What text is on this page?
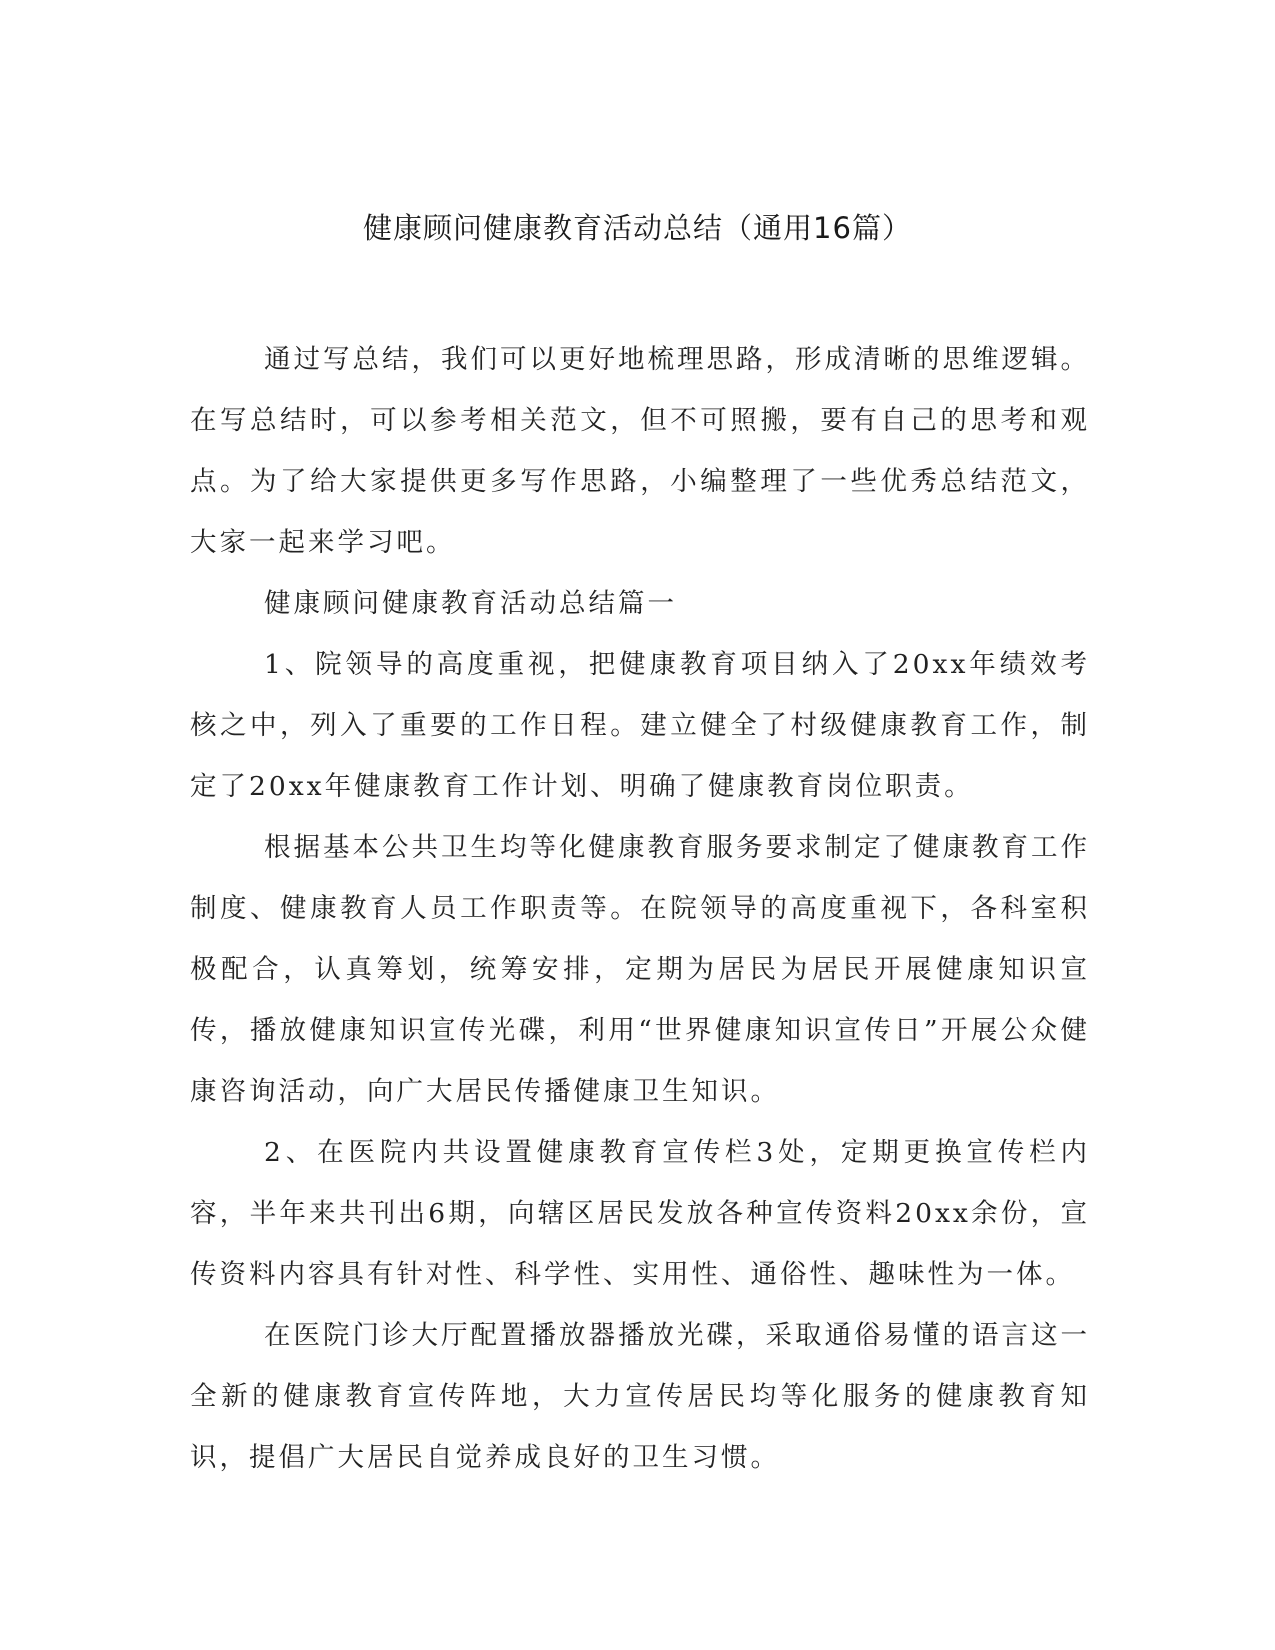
健康顾问健康教育活动总结（通用16篇）

通过写总结，我们可以更好地梳理思路，形成清晰的思维逻辑。在写总结时，可以参考相关范文，但不可照搬，要有自己的思考和观点。为了给大家提供更多写作思路，小编整理了一些优秀总结范文，大家一起来学习吧。

健康顾问健康教育活动总结篇一

1、院领导的高度重视，把健康教育项目纳入了20xx年绩效考核之中，列入了重要的工作日程。建立健全了村级健康教育工作，制定了20xx年健康教育工作计划、明确了健康教育岗位职责。

根据基本公共卫生均等化健康教育服务要求制定了健康教育工作制度、健康教育人员工作职责等。在院领导的高度重视下，各科室积极配合，认真筹划，统筹安排，定期为居民为居民开展健康知识宣传，播放健康知识宣传光碟，利用“世界健康知识宣传日”开展公众健康咨询活动，向广大居民传播健康卫生知识。

2、在医院内共设置健康教育宣传栏3处，定期更换宣传栏内容，半年来共刊出6期，向辖区居民发放各种宣传资料20xx余份，宣传资料内容具有针对性、科学性、实用性、通俗性、趣味性为一体。

在医院门诊大厅配置播放器播放光碟，采取通俗易懂的语言这一全新的健康教育宣传阵地，大力宣传居民均等化服务的健康教育知识，提倡广大居民自觉养成良好的卫生习惯。
